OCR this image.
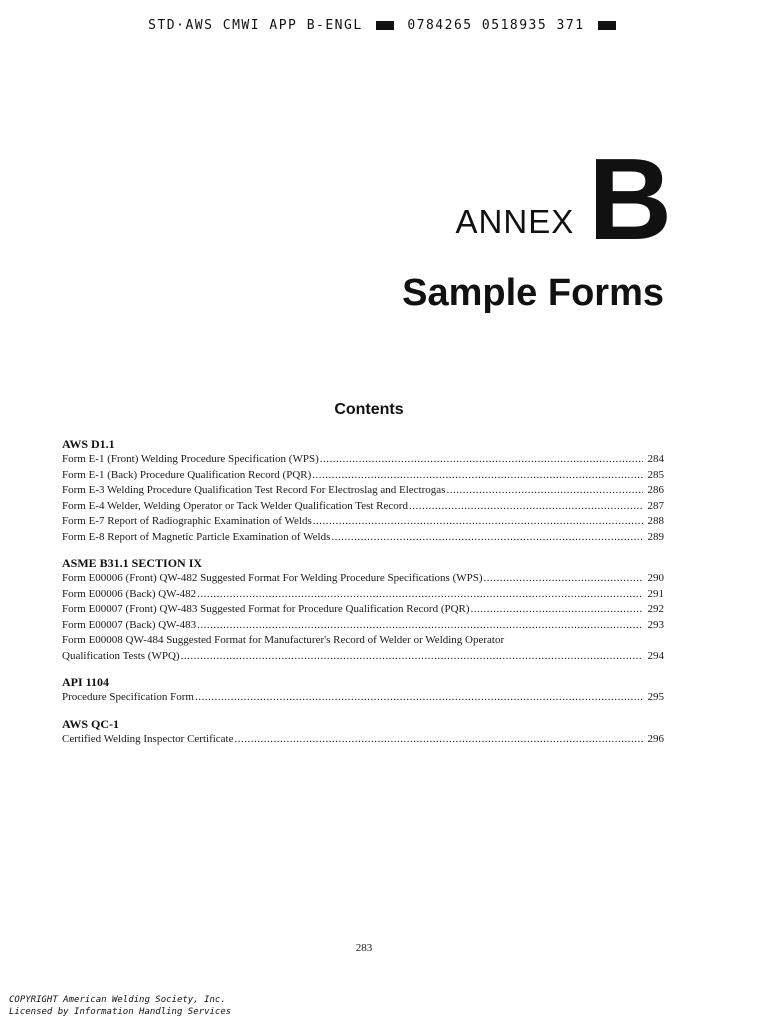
STD·AWS CMWI APP B-ENGL	0784265 0518935 371
ANNEX B
Sample Forms
Contents
AWS D1.1
Form E-1 (Front) Welding Procedure Specification (WPS) .....	284
Form E-1 (Back) Procedure Qualification Record (PQR) .....	285
Form E-3 Welding Procedure Qualification Test Record For Electroslag and Electrogas .....	286
Form E-4 Welder, Welding Operator or Tack Welder Qualification Test Record .....	287
Form E-7 Report of Radiographic Examination of Welds .....	288
Form E-8 Report of Magnetic Particle Examination of Welds .....	289
ASME B31.1 SECTION IX
Form E00006 (Front) QW-482 Suggested Format For Welding Procedure Specifications (WPS) .....	290
Form E00006 (Back) QW-482 .....	291
Form E00007 (Front) QW-483 Suggested Format for Procedure Qualification Record (PQR) .....	292
Form E00007 (Back) QW-483 .....	293
Form E00008 QW-484 Suggested Format for Manufacturer's Record of Welder or Welding Operator
Qualification Tests (WPQ) .....	294
API 1104
Procedure Specification Form .....	295
AWS QC-1
Certified Welding Inspector Certificate .....	296
283
COPYRIGHT American Welding Society, Inc.
Licensed by Information Handling Services
